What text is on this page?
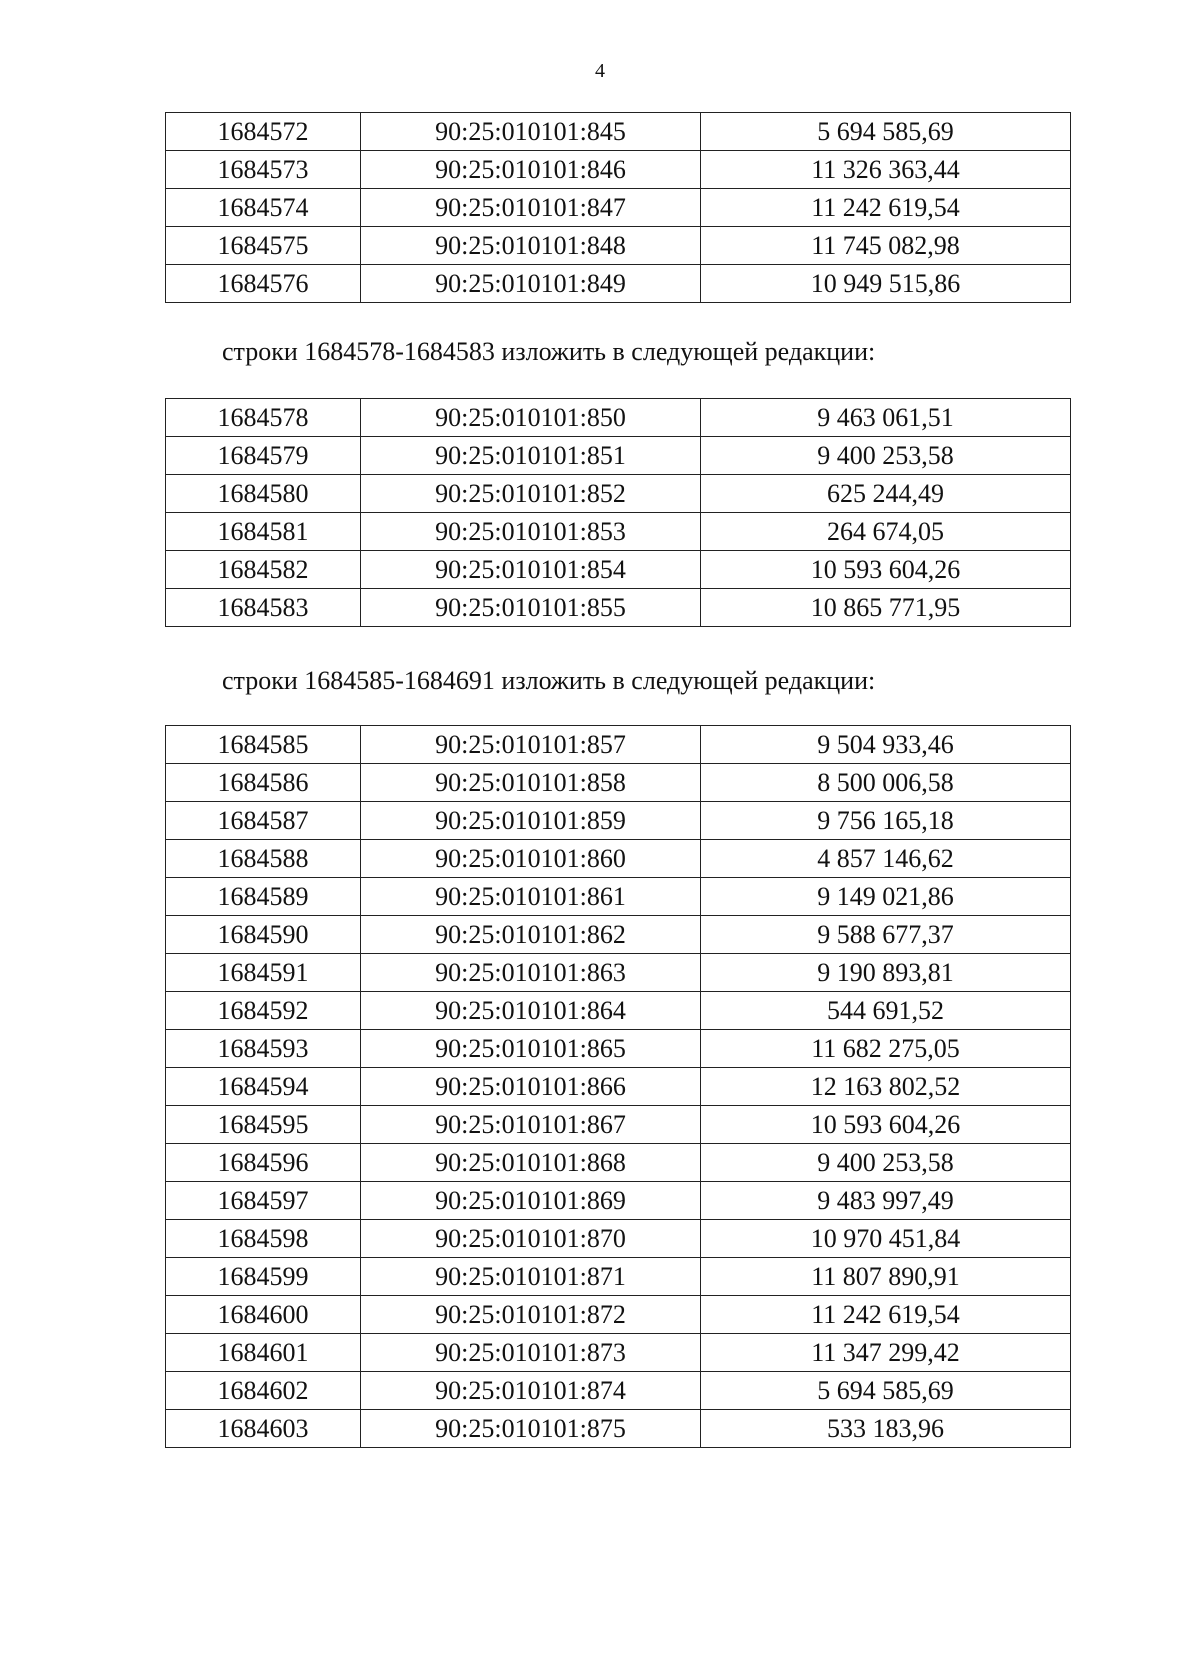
4
1684572	90:25:010101:845	5 694 585,69
1684573	90:25:010101:846	11 326 363,44
1684574	90:25:010101:847	11 242 619,54
1684575	90:25:010101:848	11 745 082,98
1684576	90:25:010101:849	10 949 515,86
строки 1684578-1684583 изложить в следующей редакции:
1684578	90:25:010101:850	9 463 061,51
1684579	90:25:010101:851	9 400 253,58
1684580	90:25:010101:852	625 244,49
1684581	90:25:010101:853	264 674,05
1684582	90:25:010101:854	10 593 604,26
1684583	90:25:010101:855	10 865 771,95
строки 1684585-1684691 изложить в следующей редакции:
1684585	90:25:010101:857	9 504 933,46
1684586	90:25:010101:858	8 500 006,58
1684587	90:25:010101:859	9 756 165,18
1684588	90:25:010101:860	4 857 146,62
1684589	90:25:010101:861	9 149 021,86
1684590	90:25:010101:862	9 588 677,37
1684591	90:25:010101:863	9 190 893,81
1684592	90:25:010101:864	544 691,52
1684593	90:25:010101:865	11 682 275,05
1684594	90:25:010101:866	12 163 802,52
1684595	90:25:010101:867	10 593 604,26
1684596	90:25:010101:868	9 400 253,58
1684597	90:25:010101:869	9 483 997,49
1684598	90:25:010101:870	10 970 451,84
1684599	90:25:010101:871	11 807 890,91
1684600	90:25:010101:872	11 242 619,54
1684601	90:25:010101:873	11 347 299,42
1684602	90:25:010101:874	5 694 585,69
1684603	90:25:010101:875	533 183,96
